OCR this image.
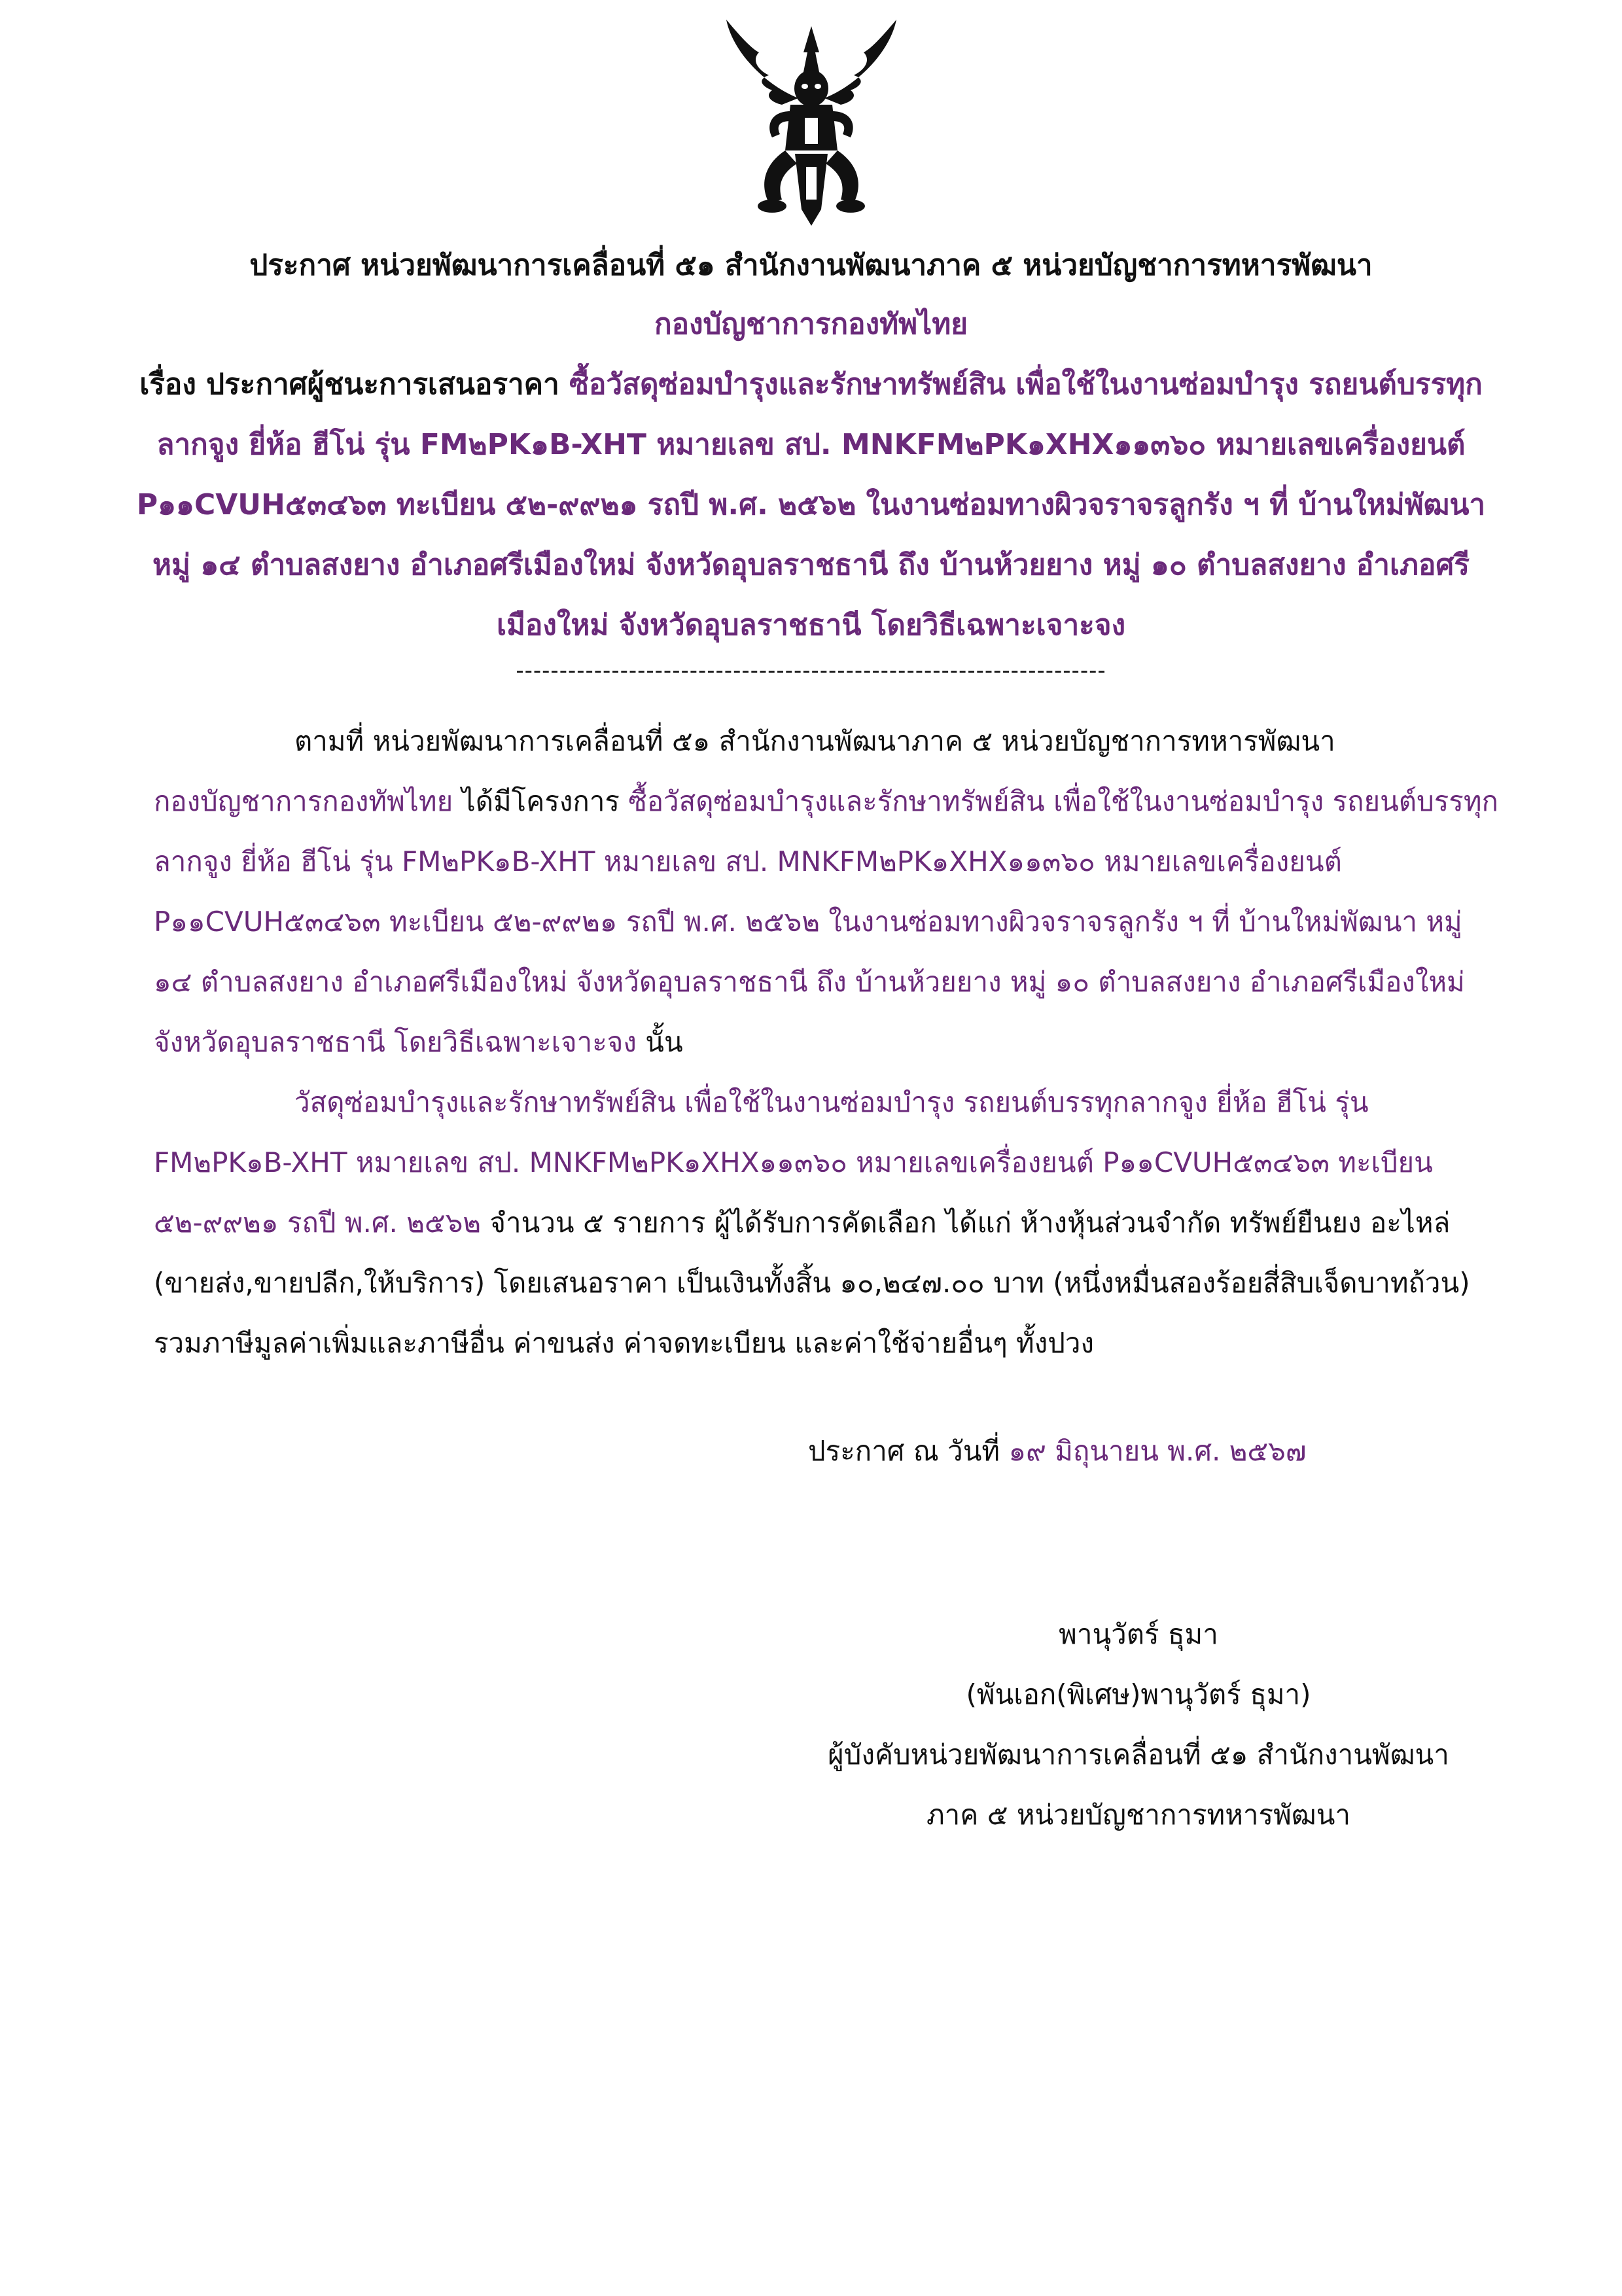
ประกาศ หน่วยพัฒนาการเคลื่อนที่ ๕๑ สำนักงานพัฒนาภาค ๕ หน่วยบัญชาการทหารพัฒนา
กองบัญชาการกองทัพไทย
เรื่อง ประกาศผู้ชนะการเสนอราคา ซื้อวัสดุซ่อมบำรุงและรักษาทรัพย์สิน เพื่อใช้ในงานซ่อมบำรุง รถยนต์บรรทุก
ลากจูง ยี่ห้อ ฮีโน่ รุ่น FM๒PK๑B-XHT หมายเลข สป. MNKFM๒PK๑XHX๑๑๓๖๐ หมายเลขเครื่องยนต์
P๑๑CVUH๕๓๔๖๓ ทะเบียน ๕๒-๙๙๒๑ รถปี พ.ศ. ๒๕๖๒ ในงานซ่อมทางผิวจราจรลูกรัง ฯ ที่ บ้านใหม่พัฒนา
หมู่ ๑๔ ตำบลสงยาง อำเภอศรีเมืองใหม่ จังหวัดอุบลราชธานี ถึง บ้านห้วยยาง หมู่ ๑๐ ตำบลสงยาง อำเภอศรี
เมืองใหม่ จังหวัดอุบลราชธานี โดยวิธีเฉพาะเจาะจง
--------------------------------------------------------------------
ตามที่ หน่วยพัฒนาการเคลื่อนที่ ๕๑ สำนักงานพัฒนาภาค ๕ หน่วยบัญชาการทหารพัฒนา
กองบัญชาการกองทัพไทย ได้มีโครงการ ซื้อวัสดุซ่อมบำรุงและรักษาทรัพย์สิน เพื่อใช้ในงานซ่อมบำรุง รถยนต์บรรทุก
ลากจูง ยี่ห้อ ฮีโน่ รุ่น FM๒PK๑B-XHT หมายเลข สป. MNKFM๒PK๑XHX๑๑๓๖๐ หมายเลขเครื่องยนต์
P๑๑CVUH๕๓๔๖๓ ทะเบียน ๕๒-๙๙๒๑ รถปี พ.ศ. ๒๕๖๒ ในงานซ่อมทางผิวจราจรลูกรัง ฯ ที่ บ้านใหม่พัฒนา หมู่
๑๔ ตำบลสงยาง อำเภอศรีเมืองใหม่ จังหวัดอุบลราชธานี ถึง บ้านห้วยยาง หมู่ ๑๐ ตำบลสงยาง อำเภอศรีเมืองใหม่
จังหวัดอุบลราชธานี โดยวิธีเฉพาะเจาะจง นั้น
วัสดุซ่อมบำรุงและรักษาทรัพย์สิน เพื่อใช้ในงานซ่อมบำรุง รถยนต์บรรทุกลากจูง ยี่ห้อ ฮีโน่ รุ่น
FM๒PK๑B-XHT หมายเลข สป. MNKFM๒PK๑XHX๑๑๓๖๐ หมายเลขเครื่องยนต์ P๑๑CVUH๕๓๔๖๓ ทะเบียน
๕๒-๙๙๒๑ รถปี พ.ศ. ๒๕๖๒ จำนวน ๕ รายการ ผู้ได้รับการคัดเลือก ได้แก่ ห้างหุ้นส่วนจำกัด ทรัพย์ยืนยง อะไหล่
(ขายส่ง,ขายปลีก,ให้บริการ) โดยเสนอราคา เป็นเงินทั้งสิ้น ๑๐,๒๔๗.๐๐ บาท (หนึ่งหมื่นสองร้อยสี่สิบเจ็ดบาทถ้วน)
รวมภาษีมูลค่าเพิ่มและภาษีอื่น ค่าขนส่ง ค่าจดทะเบียน และค่าใช้จ่ายอื่นๆ ทั้งปวง
ประกาศ ณ วันที่ ๑๙ มิถุนายน พ.ศ. ๒๕๖๗
พานุวัตร์ ธุมา
(พันเอก(พิเศษ)พานุวัตร์ ธุมา)
ผู้บังคับหน่วยพัฒนาการเคลื่อนที่ ๕๑ สำนักงานพัฒนา
ภาค ๕ หน่วยบัญชาการทหารพัฒนา
